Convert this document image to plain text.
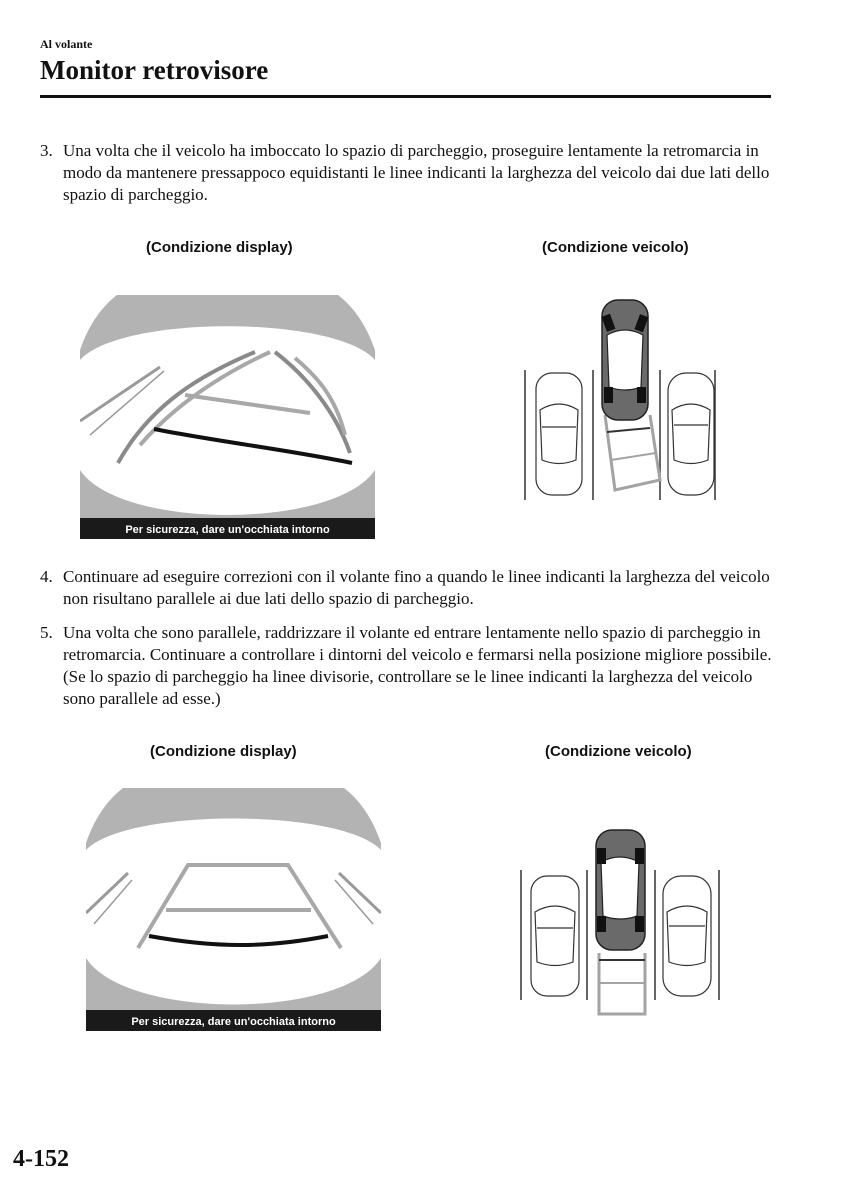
Al volante
Monitor retrovisore
3. Una volta che il veicolo ha imboccato lo spazio di parcheggio, proseguire lentamente la retromarcia in modo da mantenere pressappoco equidistanti le linee indicanti la larghezza del veicolo dai due lati dello spazio di parcheggio.
(Condizione display)	(Condizione veicolo)
Per sicurezza, dare un'occhiata intorno
4. Continuare ad eseguire correzioni con il volante fino a quando le linee indicanti la larghezza del veicolo non risultano parallele ai due lati dello spazio di parcheggio.
5. Una volta che sono parallele, raddrizzare il volante ed entrare lentamente nello spazio di parcheggio in retromarcia. Continuare a controllare i dintorni del veicolo e fermarsi nella posizione migliore possibile. (Se lo spazio di parcheggio ha linee divisorie, controllare se le linee indicanti la larghezza del veicolo sono parallele ad esse.)
(Condizione display)	(Condizione veicolo)
Per sicurezza, dare un'occhiata intorno
4-152
